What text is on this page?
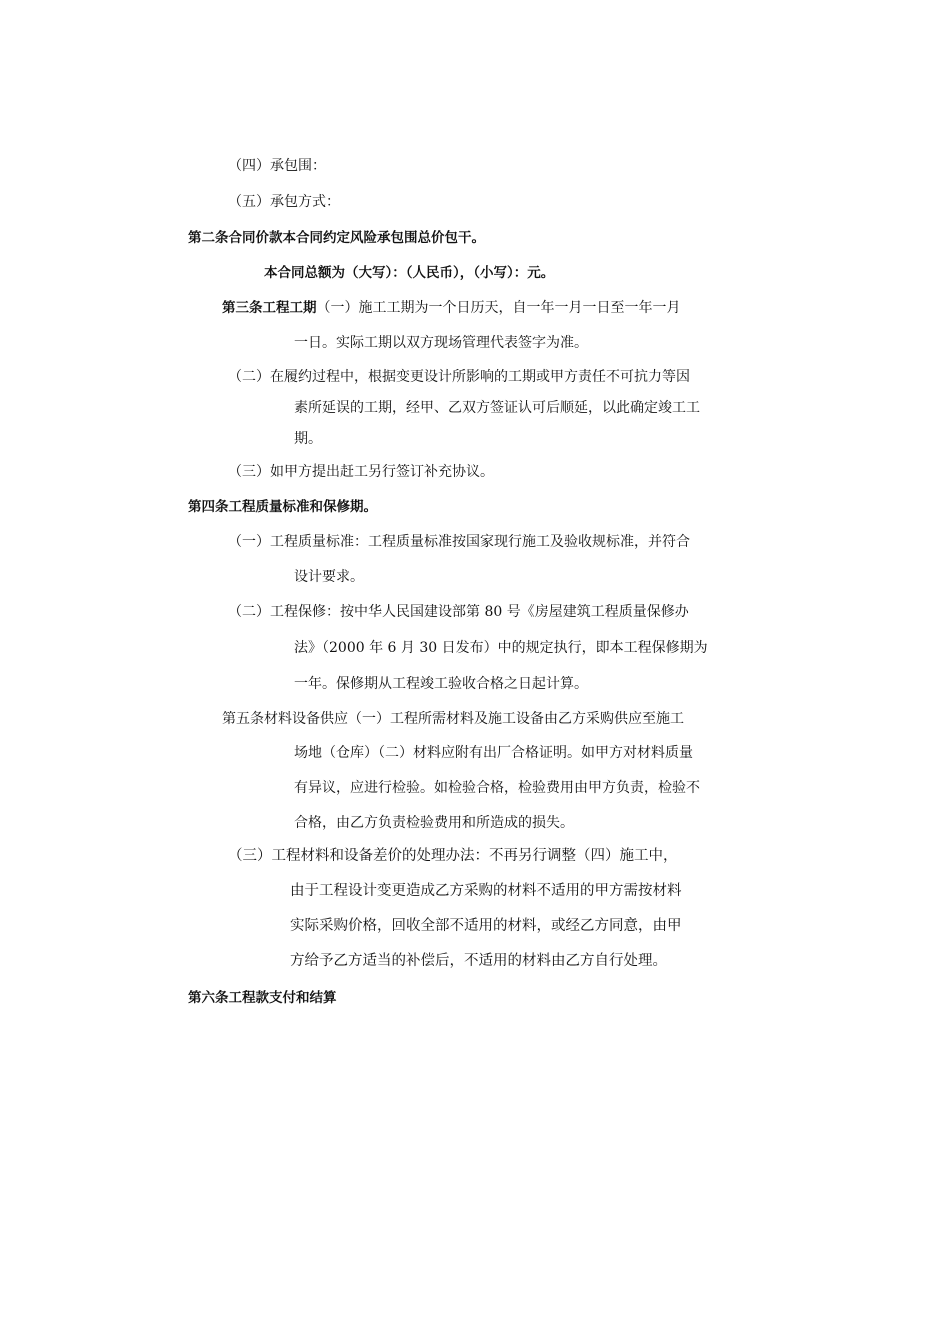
（四）承包围：
（五）承包方式：
第二条合同价款本合同约定风险承包围总价包干。
本合同总额为（大写）：（人民币），（小写）：元。
第三条工程工期（一）施工工期为一个日历天，自一年一月一日至一年一月
一日。实际工期以双方现场管理代表签字为准。
（二）在履约过程中，根据变更设计所影响的工期或甲方责任不可抗力等因
素所延误的工期，经甲、乙双方签证认可后顺延，以此确定竣工工
期。
（三）如甲方提出赶工另行签订补充协议。
第四条工程质量标准和保修期。
（一）工程质量标准：工程质量标准按国家现行施工及验收规标准，并符合
设计要求。
（二）工程保修：按中华人民国建设部第 80 号《房屋建筑工程质量保修办
法》（2000 年 6 月 30 日发布）中的规定执行，即本工程保修期为
一年。保修期从工程竣工验收合格之日起计算。
第五条材料设备供应（一）工程所需材料及施工设备由乙方采购供应至施工
场地（仓库）（二）材料应附有出厂合格证明。如甲方对材料质量
有异议，应进行检验。如检验合格，检验费用由甲方负责，检验不
合格，由乙方负责检验费用和所造成的损失。
（三）工程材料和设备差价的处理办法：不再另行调整（四）施工中，
由于工程设计变更造成乙方采购的材料不适用的甲方需按材料
实际采购价格，回收全部不适用的材料，或经乙方同意，由甲
方给予乙方适当的补偿后，不适用的材料由乙方自行处理。
第六条工程款支付和结算
